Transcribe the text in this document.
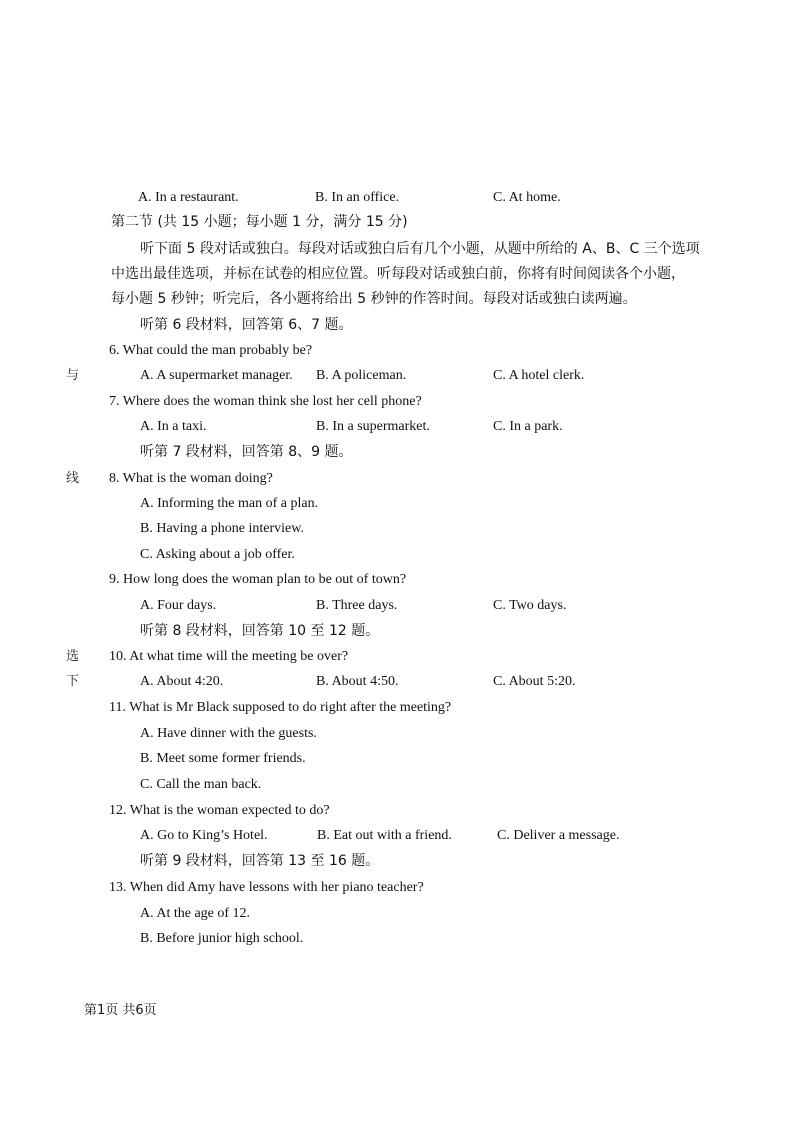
A. In a restaurant.	B. In an office.	C. At home.
第二节 (共 15 小题；每小题 1 分，满分 15 分)
听下面 5 段对话或独白。每段对话或独白后有几个小题，从题中所给的 A、B、C 三个选项
中选出最佳选项，并标在试卷的相应位置。听每段对话或独白前，你将有时间阅读各个小题，
每小题 5 秒钟；听完后，各小题将给出 5 秒钟的作答时间。每段对话或独白读两遍。
听第 6 段材料，回答第 6、7 题。
6. What could the man probably be?
与	A. A supermarket manager. B. A policeman.	C. A hotel clerk.
7. Where does the woman think she lost her cell phone?
A. In a taxi.	B. In a supermarket.	C. In a park.
听第 7 段材料，回答第 8、9 题。
线 8. What is the woman doing?
A. Informing the man of a plan.
B. Having a phone interview.
C. Asking about a job offer.
9. How long does the woman plan to be out of town?
A. Four days.	B. Three days.	C. Two days.
听第 8 段材料，回答第 10 至 12 题。
选 10. At what time will the meeting be over?
下	A. About 4:20.	B. About 4:50.	C. About 5:20.
11. What is Mr Black supposed to do right after the meeting?
A. Have dinner with the guests.
B. Meet some former friends.
C. Call the man back.
12. What is the woman expected to do?
A. Go to King’s Hotel.	B. Eat out with a friend.	C. Deliver a message.
听第 9 段材料，回答第 13 至 16 题。
13. When did Amy have lessons with her piano teacher?
A. At the age of 12.
B. Before junior high school.
第1页 共6页
